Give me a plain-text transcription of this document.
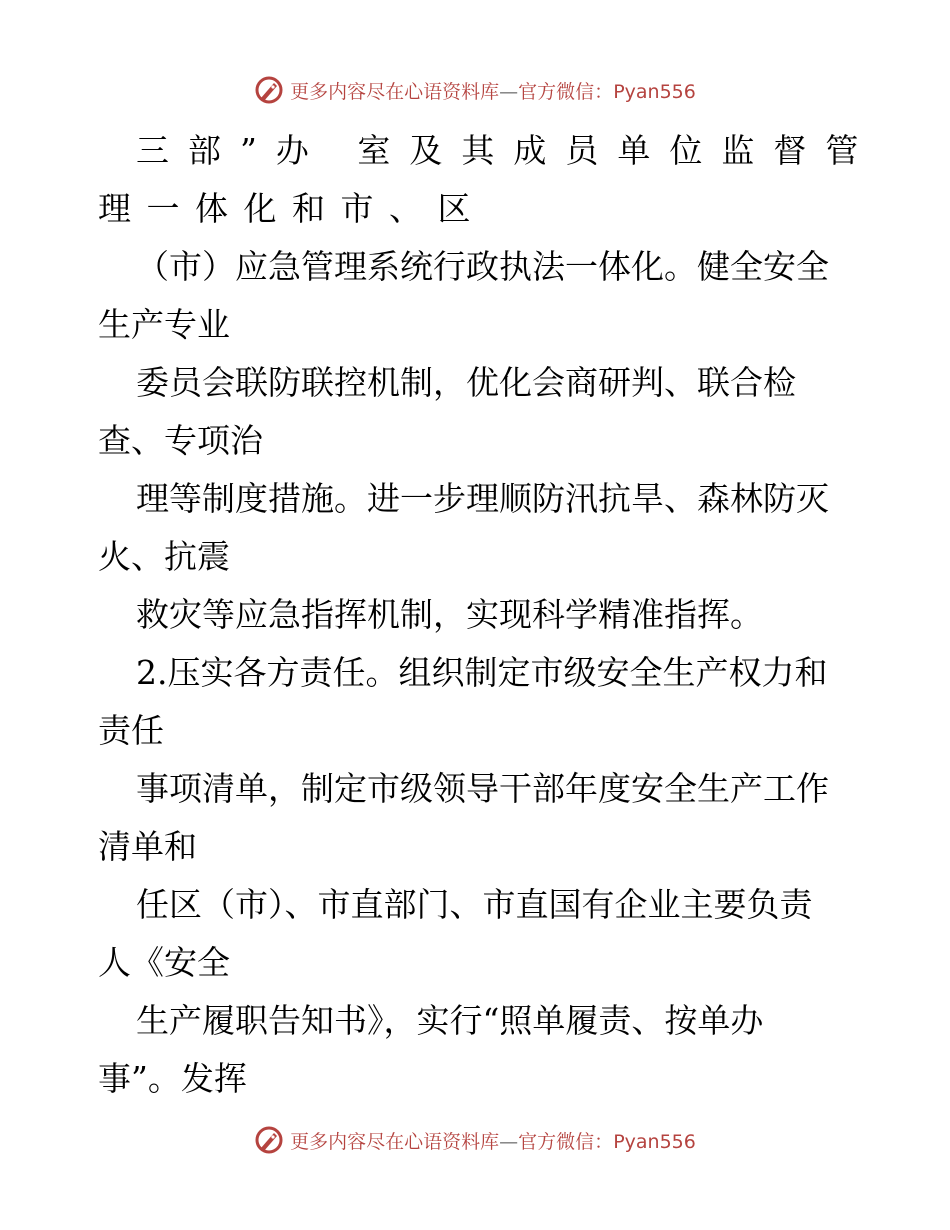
更多内容尽在心语资料库—官方微信：Pyan556
三部”办 室及其成员单位监督管
理一体化和市、区
（市）应急管理系统行政执法一体化。健全安全
生产专业
委员会联防联控机制，优化会商研判、联合检
查、专项治
理等制度措施。进一步理顺防汛抗旱、森林防灭
火、抗震
救灾等应急指挥机制，实现科学精准指挥。
2.压实各方责任。组织制定市级安全生产权力和
责任
事项清单，制定市级领导干部年度安全生产工作
清单和
任区（市）、市直部门、市直国有企业主要负责
人《安全
生产履职告知书》，实行“照单履责、按单办
事”。发挥
更多内容尽在心语资料库—官方微信：Pyan556
